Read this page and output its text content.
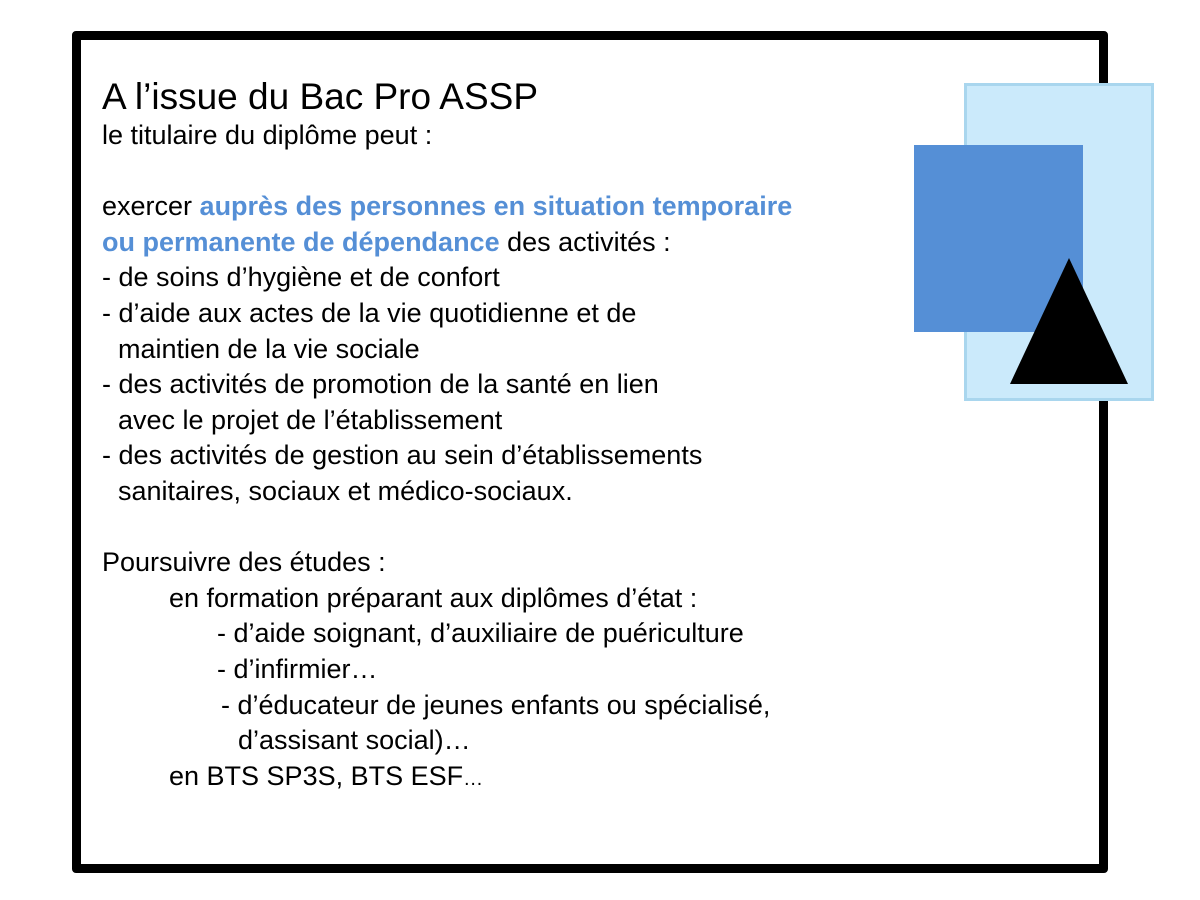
A l’issue du Bac Pro ASSP

le titulaire du diplôme peut :

exercer auprès des personnes en situation temporaire

ou permanente de dépendance des activités :

- de soins d’hygiène et de confort

- d’aide aux actes de la vie quotidienne et de

maintien de la vie sociale

- des activités de promotion de la santé en lien

avec le projet de l’établissement

- des activités de gestion au sein d’établissements

sanitaires, sociaux et médico-sociaux.

Poursuivre des études :

en formation préparant aux diplômes d’état :

- d’aide soignant, d’auxiliaire de puériculture

- d’infirmier…

- d’éducateur de jeunes enfants ou spécialisé,

d’assisant social)…

en BTS SP3S, BTS ESF…
